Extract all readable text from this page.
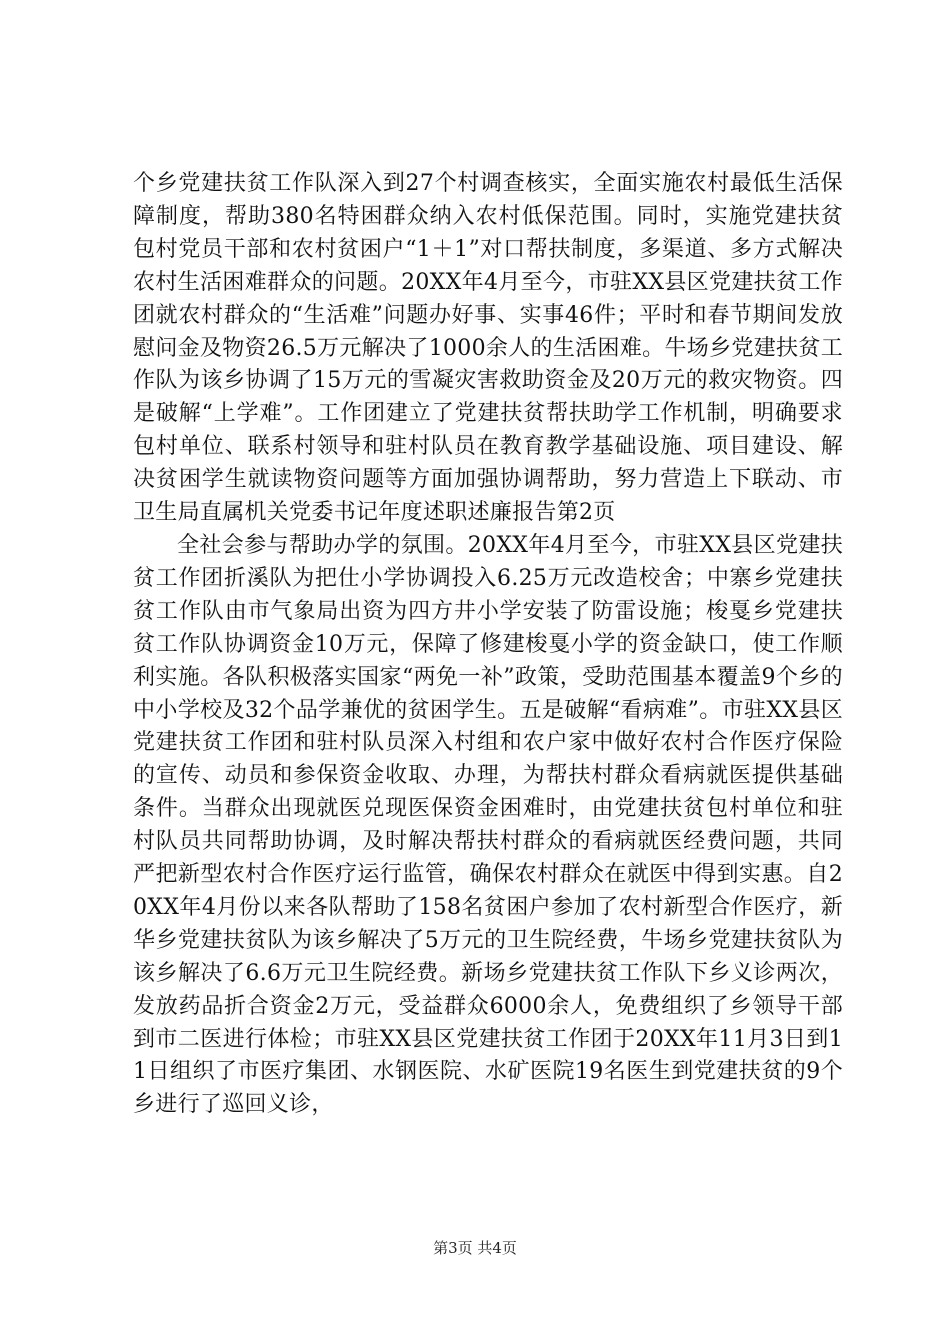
个乡党建扶贫工作队深入到27个村调查核实，全面实施农村最低生活保障制度，帮助380名特困群众纳入农村低保范围。同时，实施党建扶贫包村党员干部和农村贫困户“1＋1”对口帮扶制度，多渠道、多方式解决农村生活困难群众的问题。20XX年4月至今，市驻XX县区党建扶贫工作团就农村群众的“生活难”问题办好事、实事46件；平时和春节期间发放慰问金及物资26.5万元解决了1000余人的生活困难。牛场乡党建扶贫工作队为该乡协调了15万元的雪凝灾害救助资金及20万元的救灾物资。四是破解“上学难”。工作团建立了党建扶贫帮扶助学工作机制，明确要求包村单位、联系村领导和驻村队员在教育教学基础设施、项目建设、解决贫困学生就读物资问题等方面加强协调帮助，努力营造上下联动、市卫生局直属机关党委书记年度述职述廉报告第2页

全社会参与帮助办学的氛围。20XX年4月至今，市驻XX县区党建扶贫工作团折溪队为把仕小学协调投入6.25万元改造校舍；中寨乡党建扶贫工作队由市气象局出资为四方井小学安装了防雷设施；梭戛乡党建扶贫工作队协调资金10万元，保障了修建梭戛小学的资金缺口，使工作顺利实施。各队积极落实国家“两免一补”政策，受助范围基本覆盖9个乡的中小学校及32个品学兼优的贫困学生。五是破解“看病难”。市驻XX县区党建扶贫工作团和驻村队员深入村组和农户家中做好农村合作医疗保险的宣传、动员和参保资金收取、办理，为帮扶村群众看病就医提供基础条件。当群众出现就医兑现医保资金困难时，由党建扶贫包村单位和驻村队员共同帮助协调，及时解决帮扶村群众的看病就医经费问题，共同严把新型农村合作医疗运行监管，确保农村群众在就医中得到实惠。自20XX年4月份以来各队帮助了158名贫困户参加了农村新型合作医疗，新华乡党建扶贫队为该乡解决了5万元的卫生院经费，牛场乡党建扶贫队为该乡解决了6.6万元卫生院经费。新场乡党建扶贫工作队下乡义诊两次，发放药品折合资金2万元，受益群众6000余人，免费组织了乡领导干部到市二医进行体检；市驻XX县区党建扶贫工作团于20XX年11月3日到11日组织了市医疗集团、水钢医院、水矿医院19名医生到党建扶贫的9个乡进行了巡回义诊，

第3页 共4页
